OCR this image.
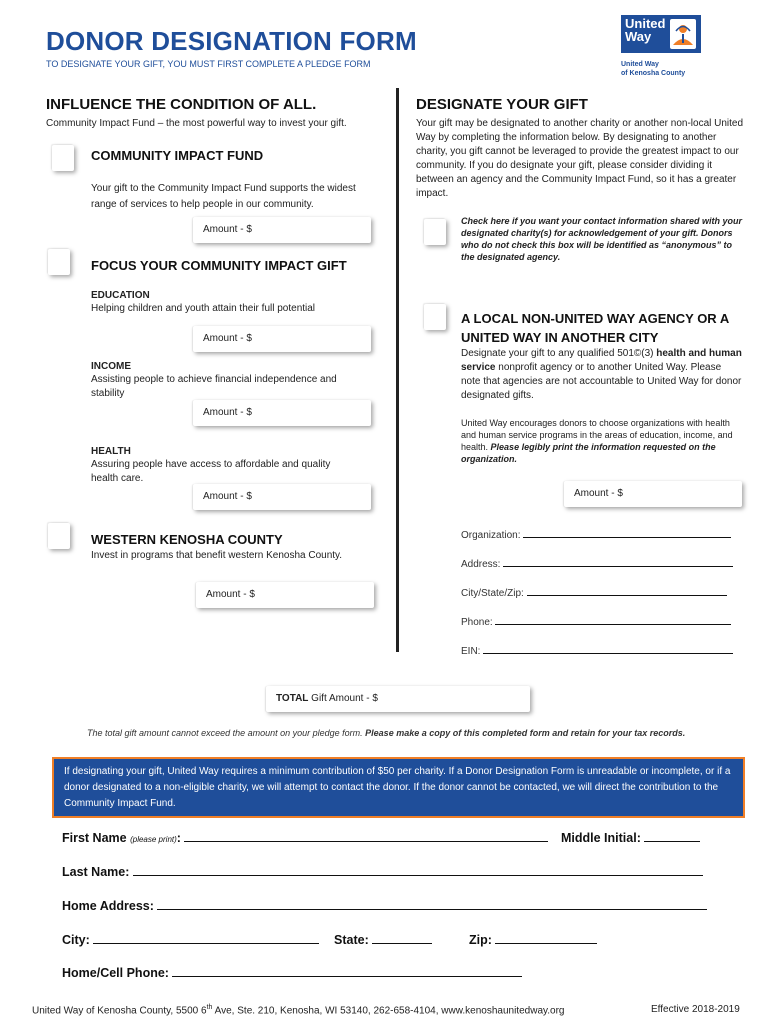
DONOR DESIGNATION FORM
TO DESIGNATE YOUR GIFT, YOU MUST FIRST COMPLETE A PLEDGE FORM
United
Way
United Way
of Kenosha County
INFLUENCE THE CONDITION OF ALL.
Community Impact Fund – the most powerful way to invest your gift.
COMMUNITY IMPACT FUND
Your gift to the Community Impact Fund supports the widest range of services to help people in our community.
Amount - $
FOCUS YOUR COMMUNITY IMPACT GIFT
EDUCATION
Helping children and youth attain their full potential
Amount - $
INCOME
Assisting people to achieve financial independence and stability
Amount - $
HEALTH
Assuring people have access to affordable and quality health care.
Amount - $
WESTERN KENOSHA COUNTY
Invest in programs that benefit western Kenosha County.
Amount - $
DESIGNATE YOUR GIFT
Your gift may be designated to another charity or another non-local United Way by completing the information below. By designating to another charity, you gift cannot be leveraged to provide the greatest impact to our community. If you do designate your gift, please consider dividing it between an agency and the Community Impact Fund, so it has a greater impact.
Check here if you want your contact information shared with your designated charity(s) for acknowledgement of your gift. Donors who do not check this box will be identified as “anonymous” to the designated agency.
A LOCAL NON-UNITED WAY AGENCY OR A UNITED WAY IN ANOTHER CITY
Designate your gift to any qualified 501©(3) health and human service nonprofit agency or to another United Way. Please note that agencies are not accountable to United Way for donor designated gifts.
United Way encourages donors to choose organizations with health and human service programs in the areas of education, income, and health. Please legibly print the information requested on the organization.
Amount - $
Organization:
Address:
City/State/Zip:
Phone:
EIN:
TOTAL Gift Amount - $
The total gift amount cannot exceed the amount on your pledge form. Please make a copy of this completed form and retain for your tax records.
If designating your gift, United Way requires a minimum contribution of $50 per charity. If a Donor Designation Form is unreadable or incomplete, or if a donor designated to a non-eligible charity, we will attempt to contact the donor. If the donor cannot be contacted, we will direct the contribution to the Community Impact Fund.
First Name (please print):	Middle Initial:
Last Name:
Home Address:
City:	State:	Zip:
Home/Cell Phone:
United Way of Kenosha County, 5500 6th Ave, Ste. 210, Kenosha, WI 53140, 262-658-4104, www.kenoshaunitedway.org	Effective 2018-2019
